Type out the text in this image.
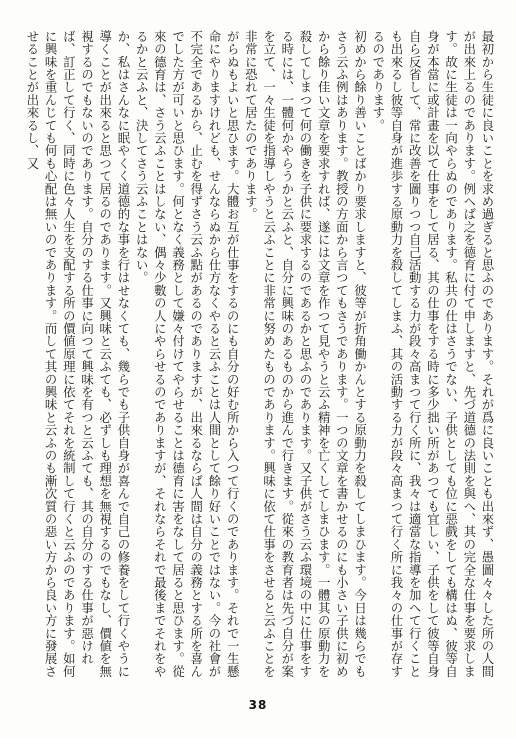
最初から生徒に良いことを求め過ぎると思ふのであります。それが爲に良いことも出來ず、愚圖々々した所の人間が出來上るのであります。例へば之を德育に付て申しますと、先づ道德の法則を與へ、其の完全な仕事を要求します。故に生徒は一向やらぬのであります。私共の仕はさうでない、子供としても位に惡戲をしても構はぬ、彼等自身が本當に或計畫を以て仕事をして居る、其の仕事をする時に多少拙い所があつても宜しい、子供をして彼等自身自ら反省して、常に改善を圖りつつ自己活動する力が段々高まつて行く所に、我々は適當な指導を加へて行くことも出來るし彼等自身が進歩する原動力を殺してしまふ、其の活動する力が段々高まつて行く所に我々の仕事が存するのであります。

初めから餘り善いことばかり要求しますと、彼等が折角働かんとする原動力を殺してしまひます。今日は幾らでもさう云ふ例はあります。教授の方面から言つてもさうであります。一つの文章を書かせるのにも小さい子供に初めから餘り佳い文章を要求すれば、遂には文章を作つて見やうと云ふ精神を亡くしてしまひます。一體其の原動力を殺してしまつて何の働きを子供に要求するのであるかと思ふのであります。又子供がさう云ふ環境の中に仕事をする時には、一體何かやらうかと云ふと、自分に興味のあるものから進んで行きます。從來の教育者は先づ自分が案を立て、一々生徒を指導しやうと云ふことに非常に努めたものであります。興味に依て仕事をさせると云ふことを非常に恐れて居たのであります。

がらぬもよいと思ひます。大體お互が仕事をするのにも自分の好む所から入つて行くのであります。それで一生懸命にやりますけれども、せんならぬから仕方なくやると云ふことは人間として餘り好いことではない。今の社會が不完全であるから、止むを得ずさう云ふ點があるのでありますが、出來るならば人間は自分の義務とする所を喜んでした方が可いと思ひます。何となく義務として嫌々付けてやらせることは德育に害をなして居ると思ひます。從來の德育は、さう云ふことはしない、偶々少數の人にやらせるのでありますが、それならそれで最後までそれをやるかと云ふと、決してさう云ふことはない。

か、私はさんなに眠やくく道德的な事を行はせなくても、幾らでも子供自身が喜んで自己の修養をして行くやうに導くことが出來ると思つて居るのであります。又興味と云ふても、必ずしも理想を無視するのでもなし、價値を無視するのでもないのであります。自分のする仕事に向つて興味を有つと云ふても、其の自分のする仕事が惡ければ、訂正して行く、同時に色々人生を支配する所の價値原理に依てそれを統制して行くと云ふのであります。如何に興味を重んじても何も心配は無いのであります。而して其の興味と云ふのも漸次質の惡い方から良い方に發展させることが出來るし、又

38
